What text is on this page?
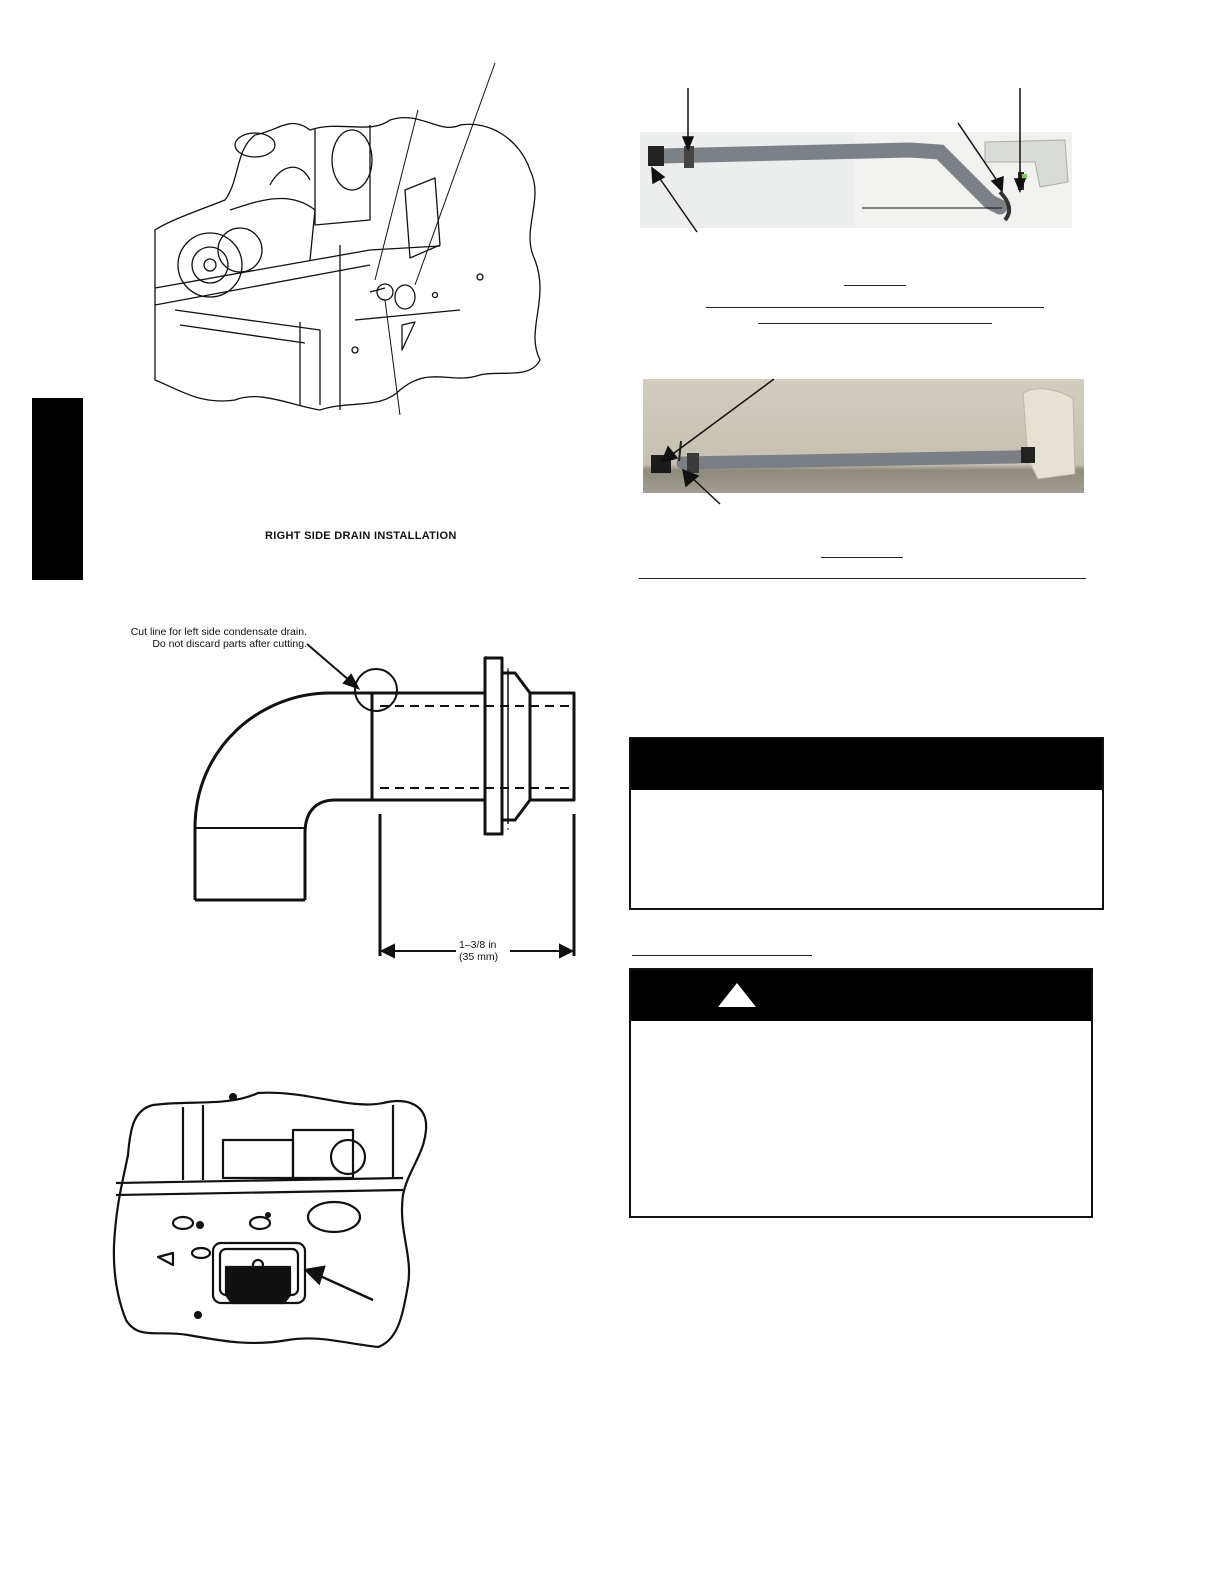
RIGHT SIDE DRAIN INSTALLATION
Cut line for left side condensate drain.
Do not discard parts after cutting.
1–3/8 in
(35 mm)
